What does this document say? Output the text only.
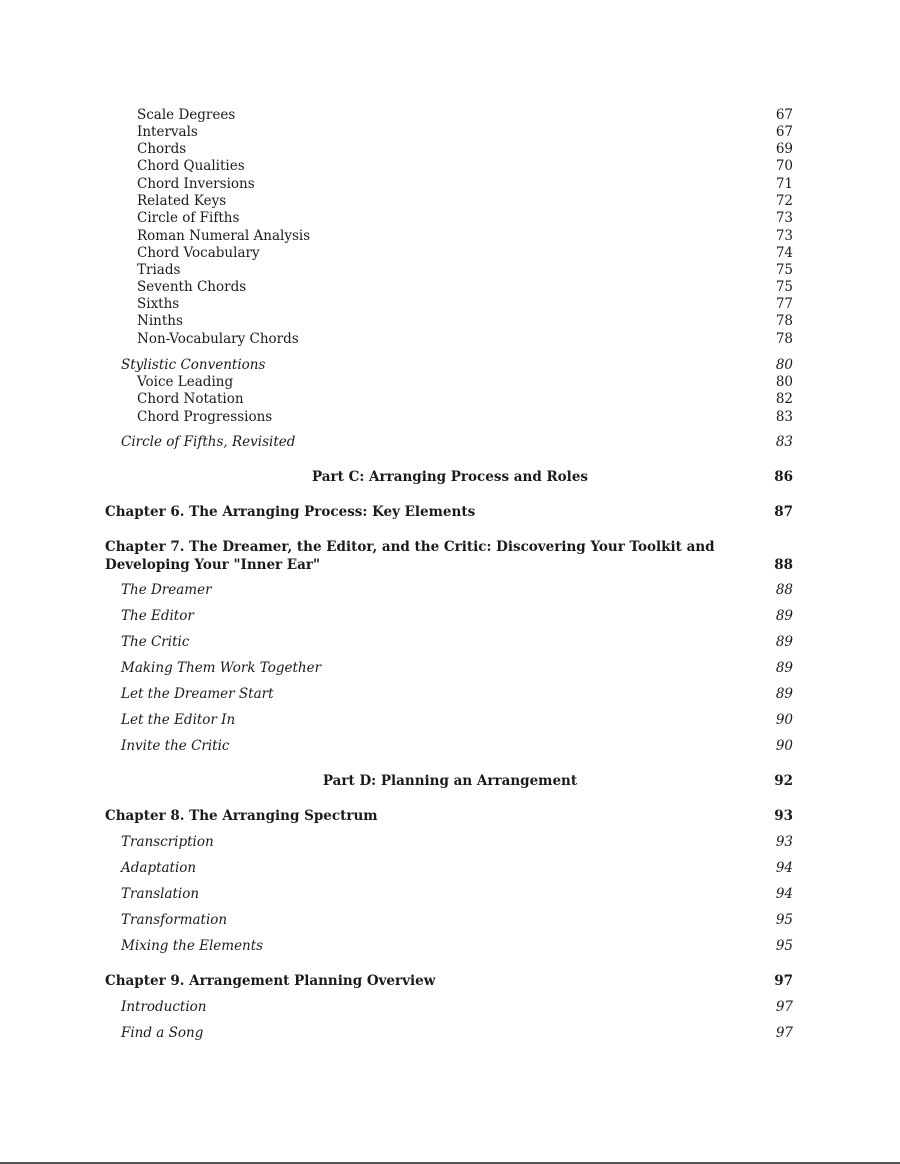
Scale Degrees	67
Intervals	67
Chords	69
Chord Qualities	70
Chord Inversions	71
Related Keys	72
Circle of Fifths	73
Roman Numeral Analysis	73
Chord Vocabulary	74
Triads	75
Seventh Chords	75
Sixths	77
Ninths	78
Non-Vocabulary Chords	78
Stylistic Conventions	80
Voice Leading	80
Chord Notation	82
Chord Progressions	83
Circle of Fifths, Revisited	83
Part C: Arranging Process and Roles	86
Chapter 6. The Arranging Process: Key Elements	87
Chapter 7. The Dreamer, the Editor, and the Critic: Discovering Your Toolkit and Developing Your "Inner Ear"	88
The Dreamer	88
The Editor	89
The Critic	89
Making Them Work Together	89
Let the Dreamer Start	89
Let the Editor In	90
Invite the Critic	90
Part D: Planning an Arrangement	92
Chapter 8. The Arranging Spectrum	93
Transcription	93
Adaptation	94
Translation	94
Transformation	95
Mixing the Elements	95
Chapter 9. Arrangement Planning Overview	97
Introduction	97
Find a Song	97
